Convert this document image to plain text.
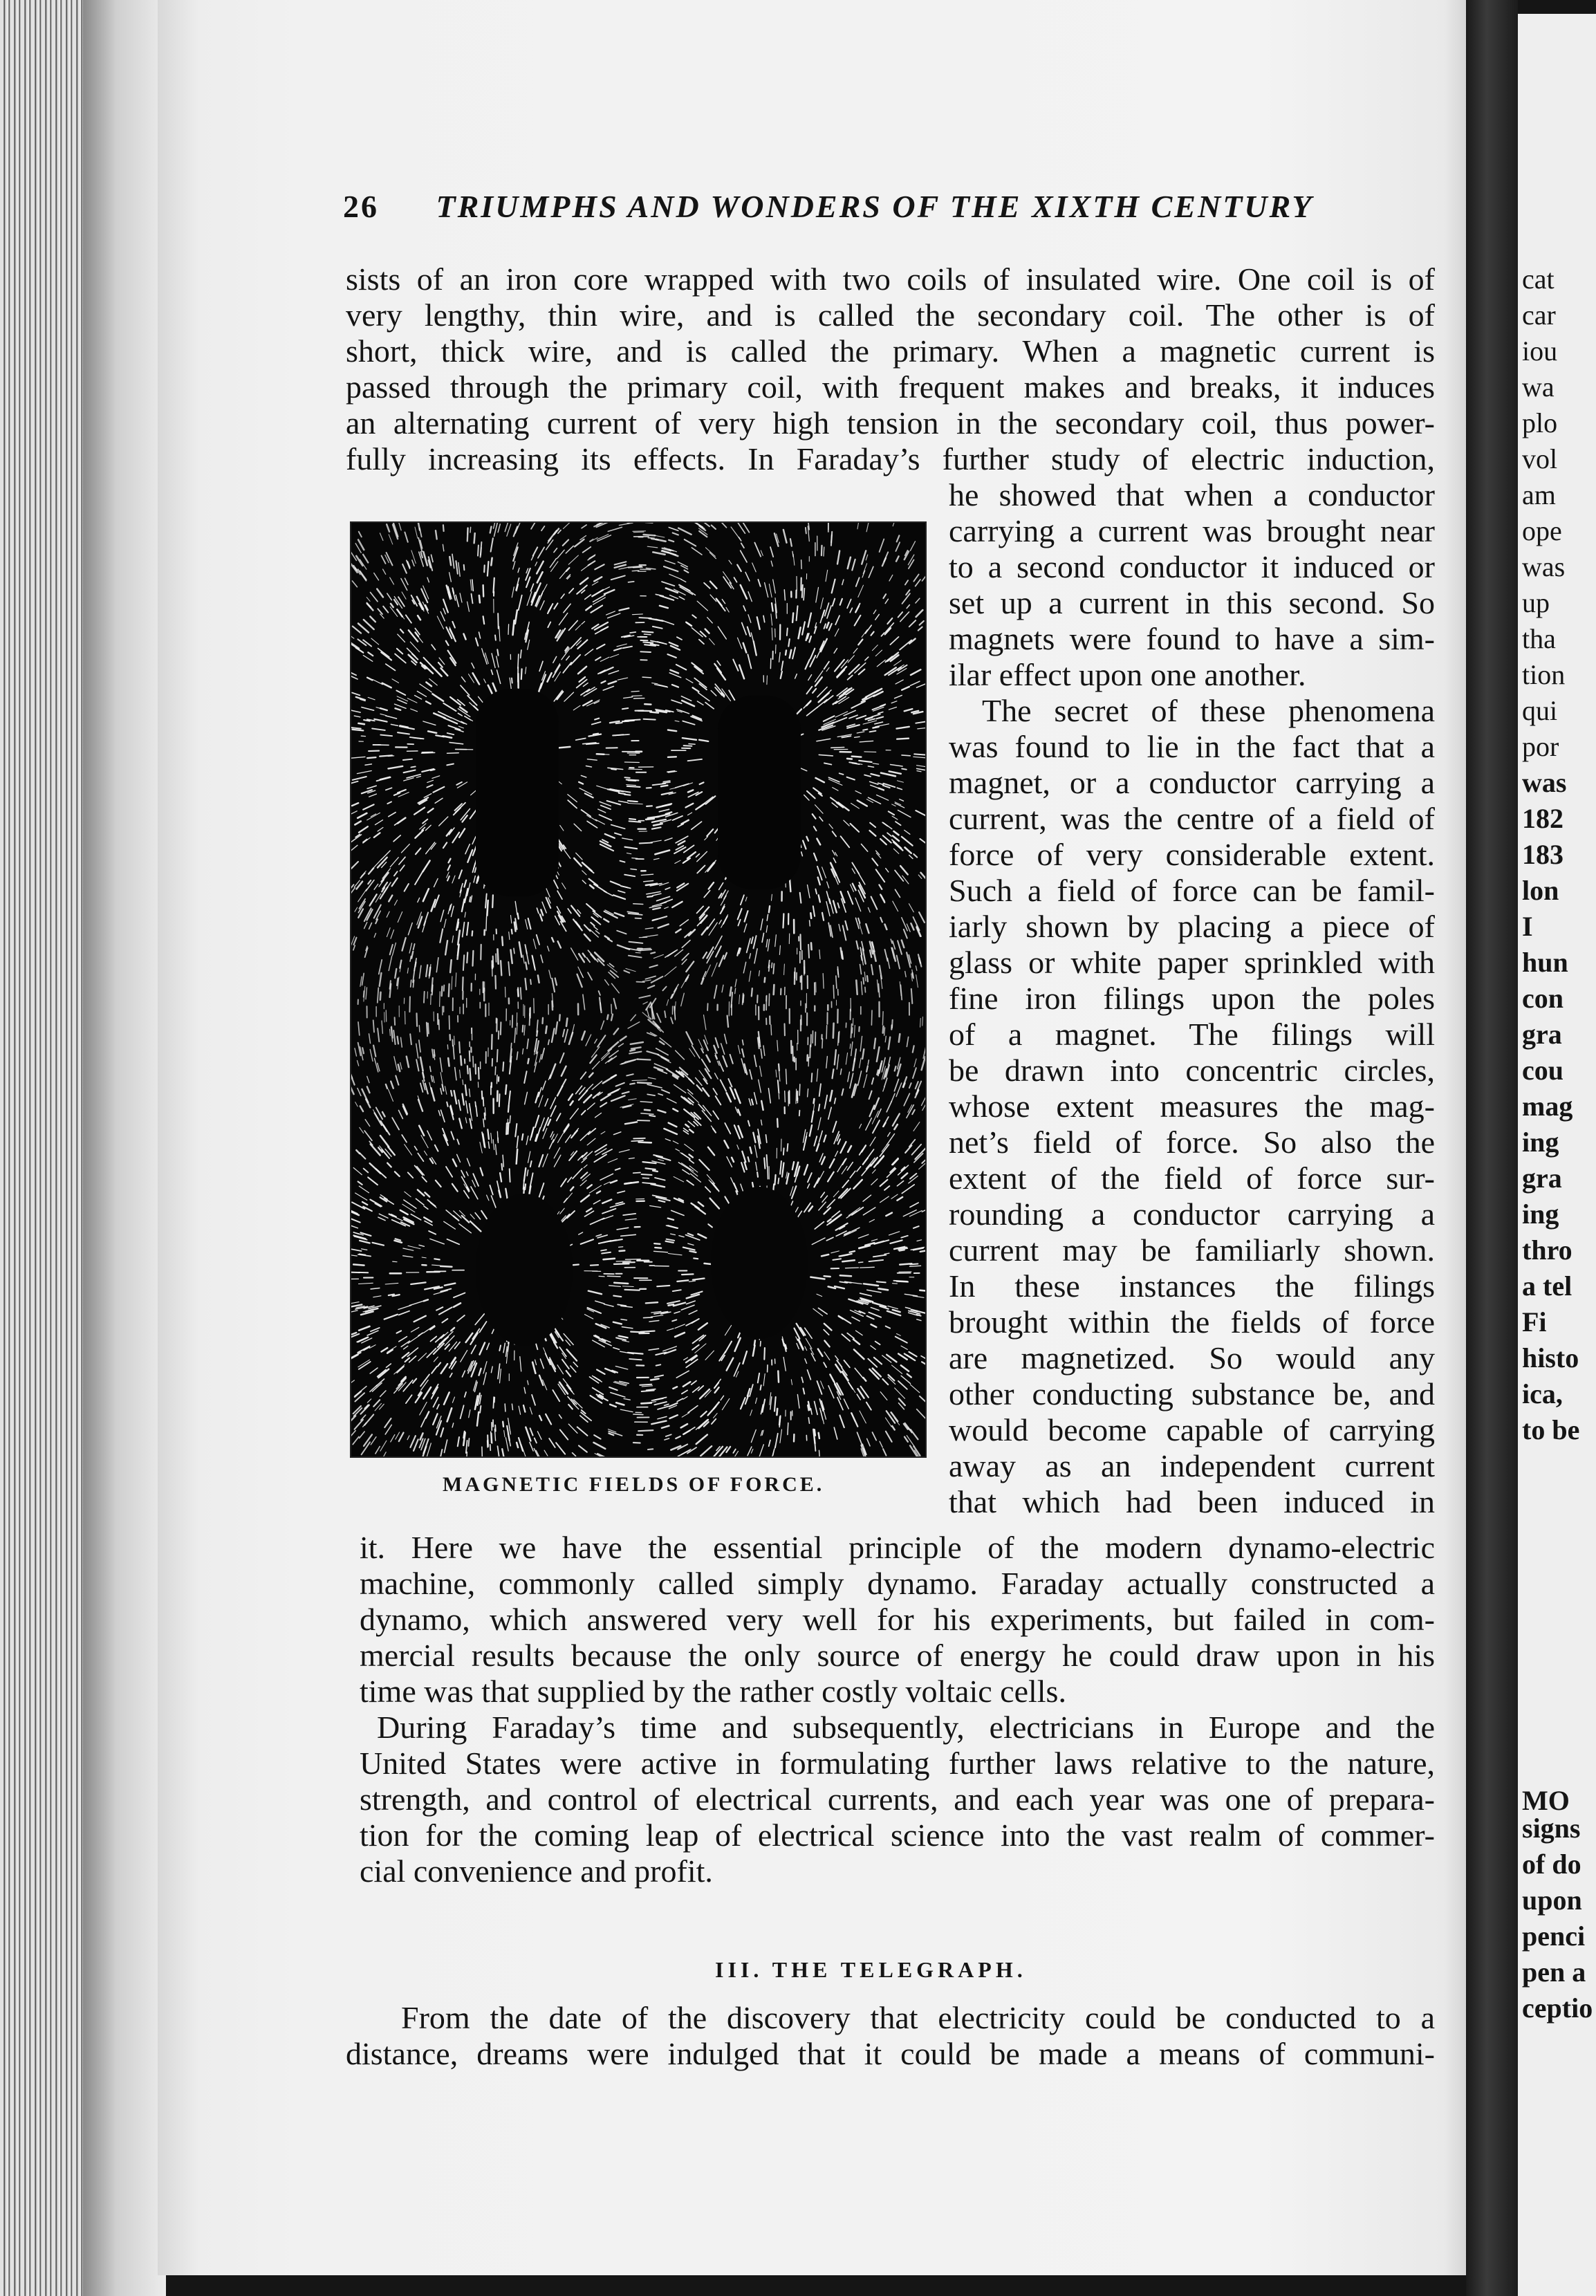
26 TRIUMPHS AND WONDERS OF THE XIXTH CENTURY
sists of an iron core wrapped with two coils of insulated wire. One coil is of
very lengthy, thin wire, and is called the secondary coil. The other is of
short, thick wire, and is called the primary. When a magnetic current is
passed through the primary coil, with frequent makes and breaks, it induces
an alternating current of very high tension in the secondary coil, thus power-
fully increasing its effects. In Faraday’s further study of electric induction,
MAGNETIC FIELDS OF FORCE.
he showed that when a conductor
carrying a current was brought near
to a second conductor it induced or
set up a current in this second. So
magnets were found to have a sim-
ilar effect upon one another.
The secret of these phenomena
was found to lie in the fact that a
magnet, or a conductor carrying a
current, was the centre of a field of
force of very considerable extent.
Such a field of force can be famil-
iarly shown by placing a piece of
glass or white paper sprinkled with
fine iron filings upon the poles
of a magnet. The filings will
be drawn into concentric circles,
whose extent measures the mag-
net’s field of force. So also the
extent of the field of force sur-
rounding a conductor carrying a
current may be familiarly shown.
In these instances the filings
brought within the fields of force
are magnetized. So would any
other conducting substance be, and
would become capable of carrying
away as an independent current
that which had been induced in
it. Here we have the essential principle of the modern dynamo-electric
machine, commonly called simply dynamo. Faraday actually constructed a
dynamo, which answered very well for his experiments, but failed in com-
mercial results because the only source of energy he could draw upon in his
time was that supplied by the rather costly voltaic cells.
During Faraday’s time and subsequently, electricians in Europe and the
United States were active in formulating further laws relative to the nature,
strength, and control of electrical currents, and each year was one of prepara-
tion for the coming leap of electrical science into the vast realm of commer-
cial convenience and profit.
III. THE TELEGRAPH.
From the date of the discovery that electricity could be conducted to a
distance, dreams were indulged that it could be made a means of communi-
cat
car
iou
wa
plo
vol
am
ope
was
up
tha
tion
qui
por
was
182
183
lon
I
hun
con
gra
cou
mag
ing
gra
ing
thro
a tel
Fi
histo
ica,
to be
MO
signs
of do
upon
penci
pen a
ceptio
